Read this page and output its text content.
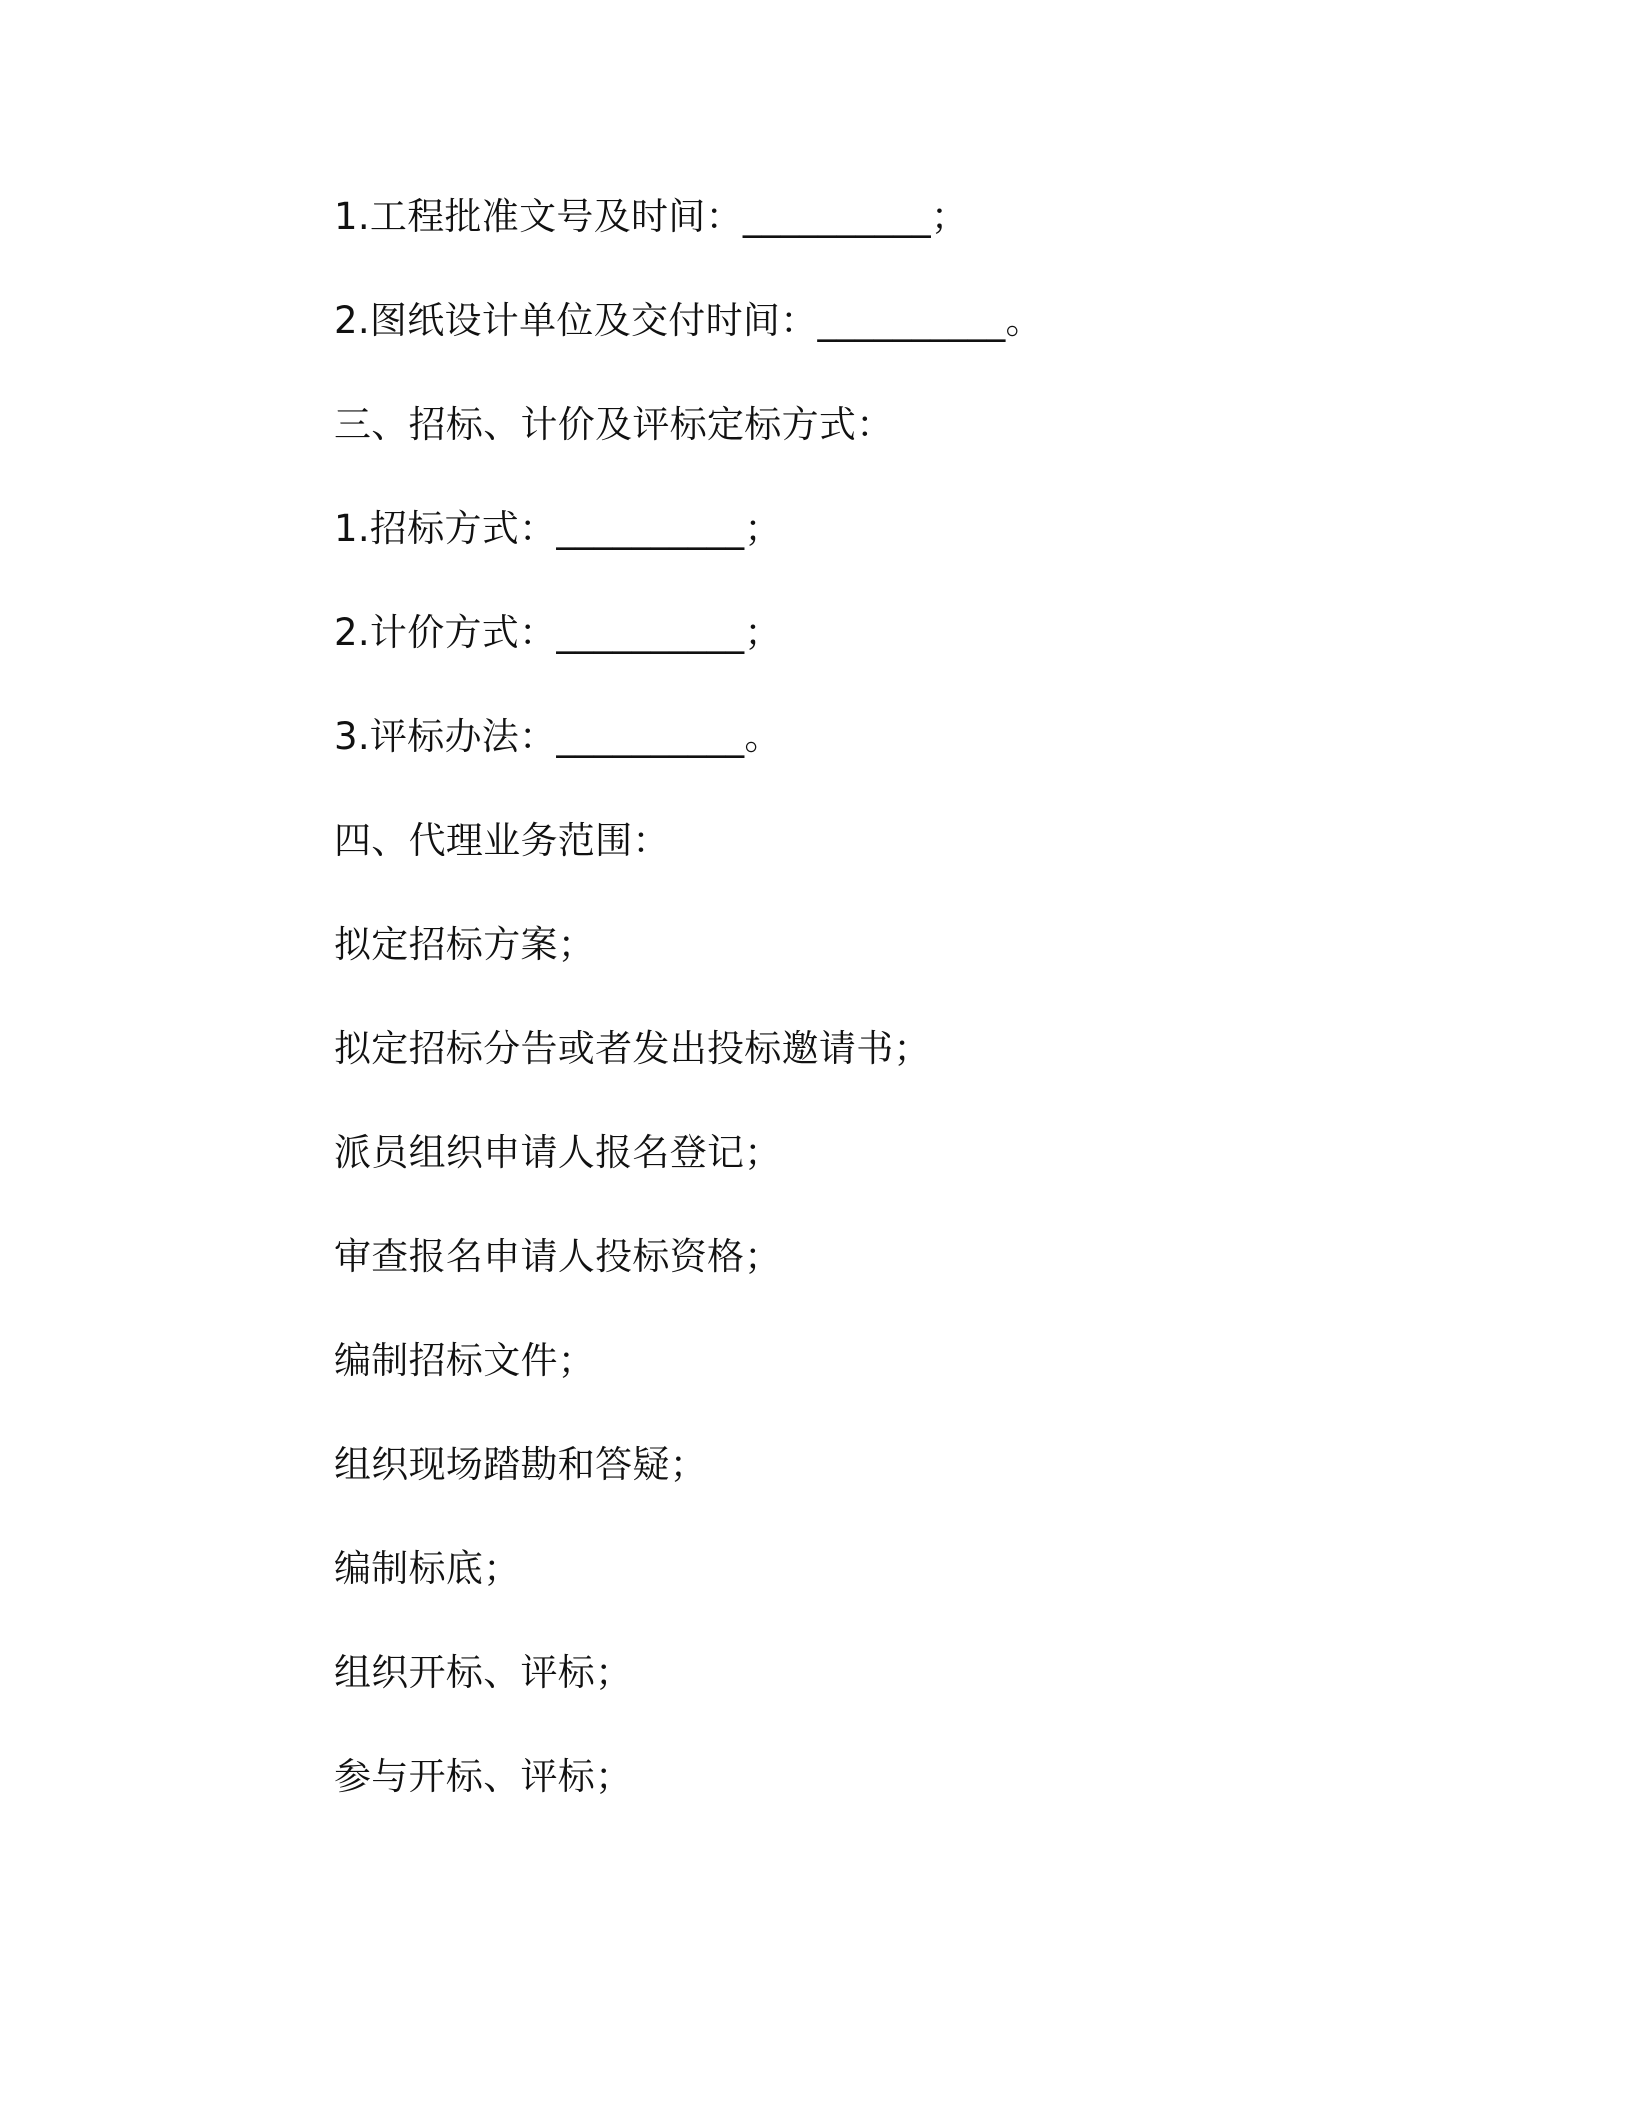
1.工程批准文号及时间：__________；
2.图纸设计单位及交付时间：__________。
三、招标、计价及评标定标方式：
1.招标方式：__________；
2.计价方式：__________；
3.评标办法：__________。
四、代理业务范围：
拟定招标方案；
拟定招标分告或者发出投标邀请书；
派员组织申请人报名登记；
审查报名申请人投标资格；
编制招标文件；
组织现场踏勘和答疑；
编制标底；
组织开标、评标；
参与开标、评标；
